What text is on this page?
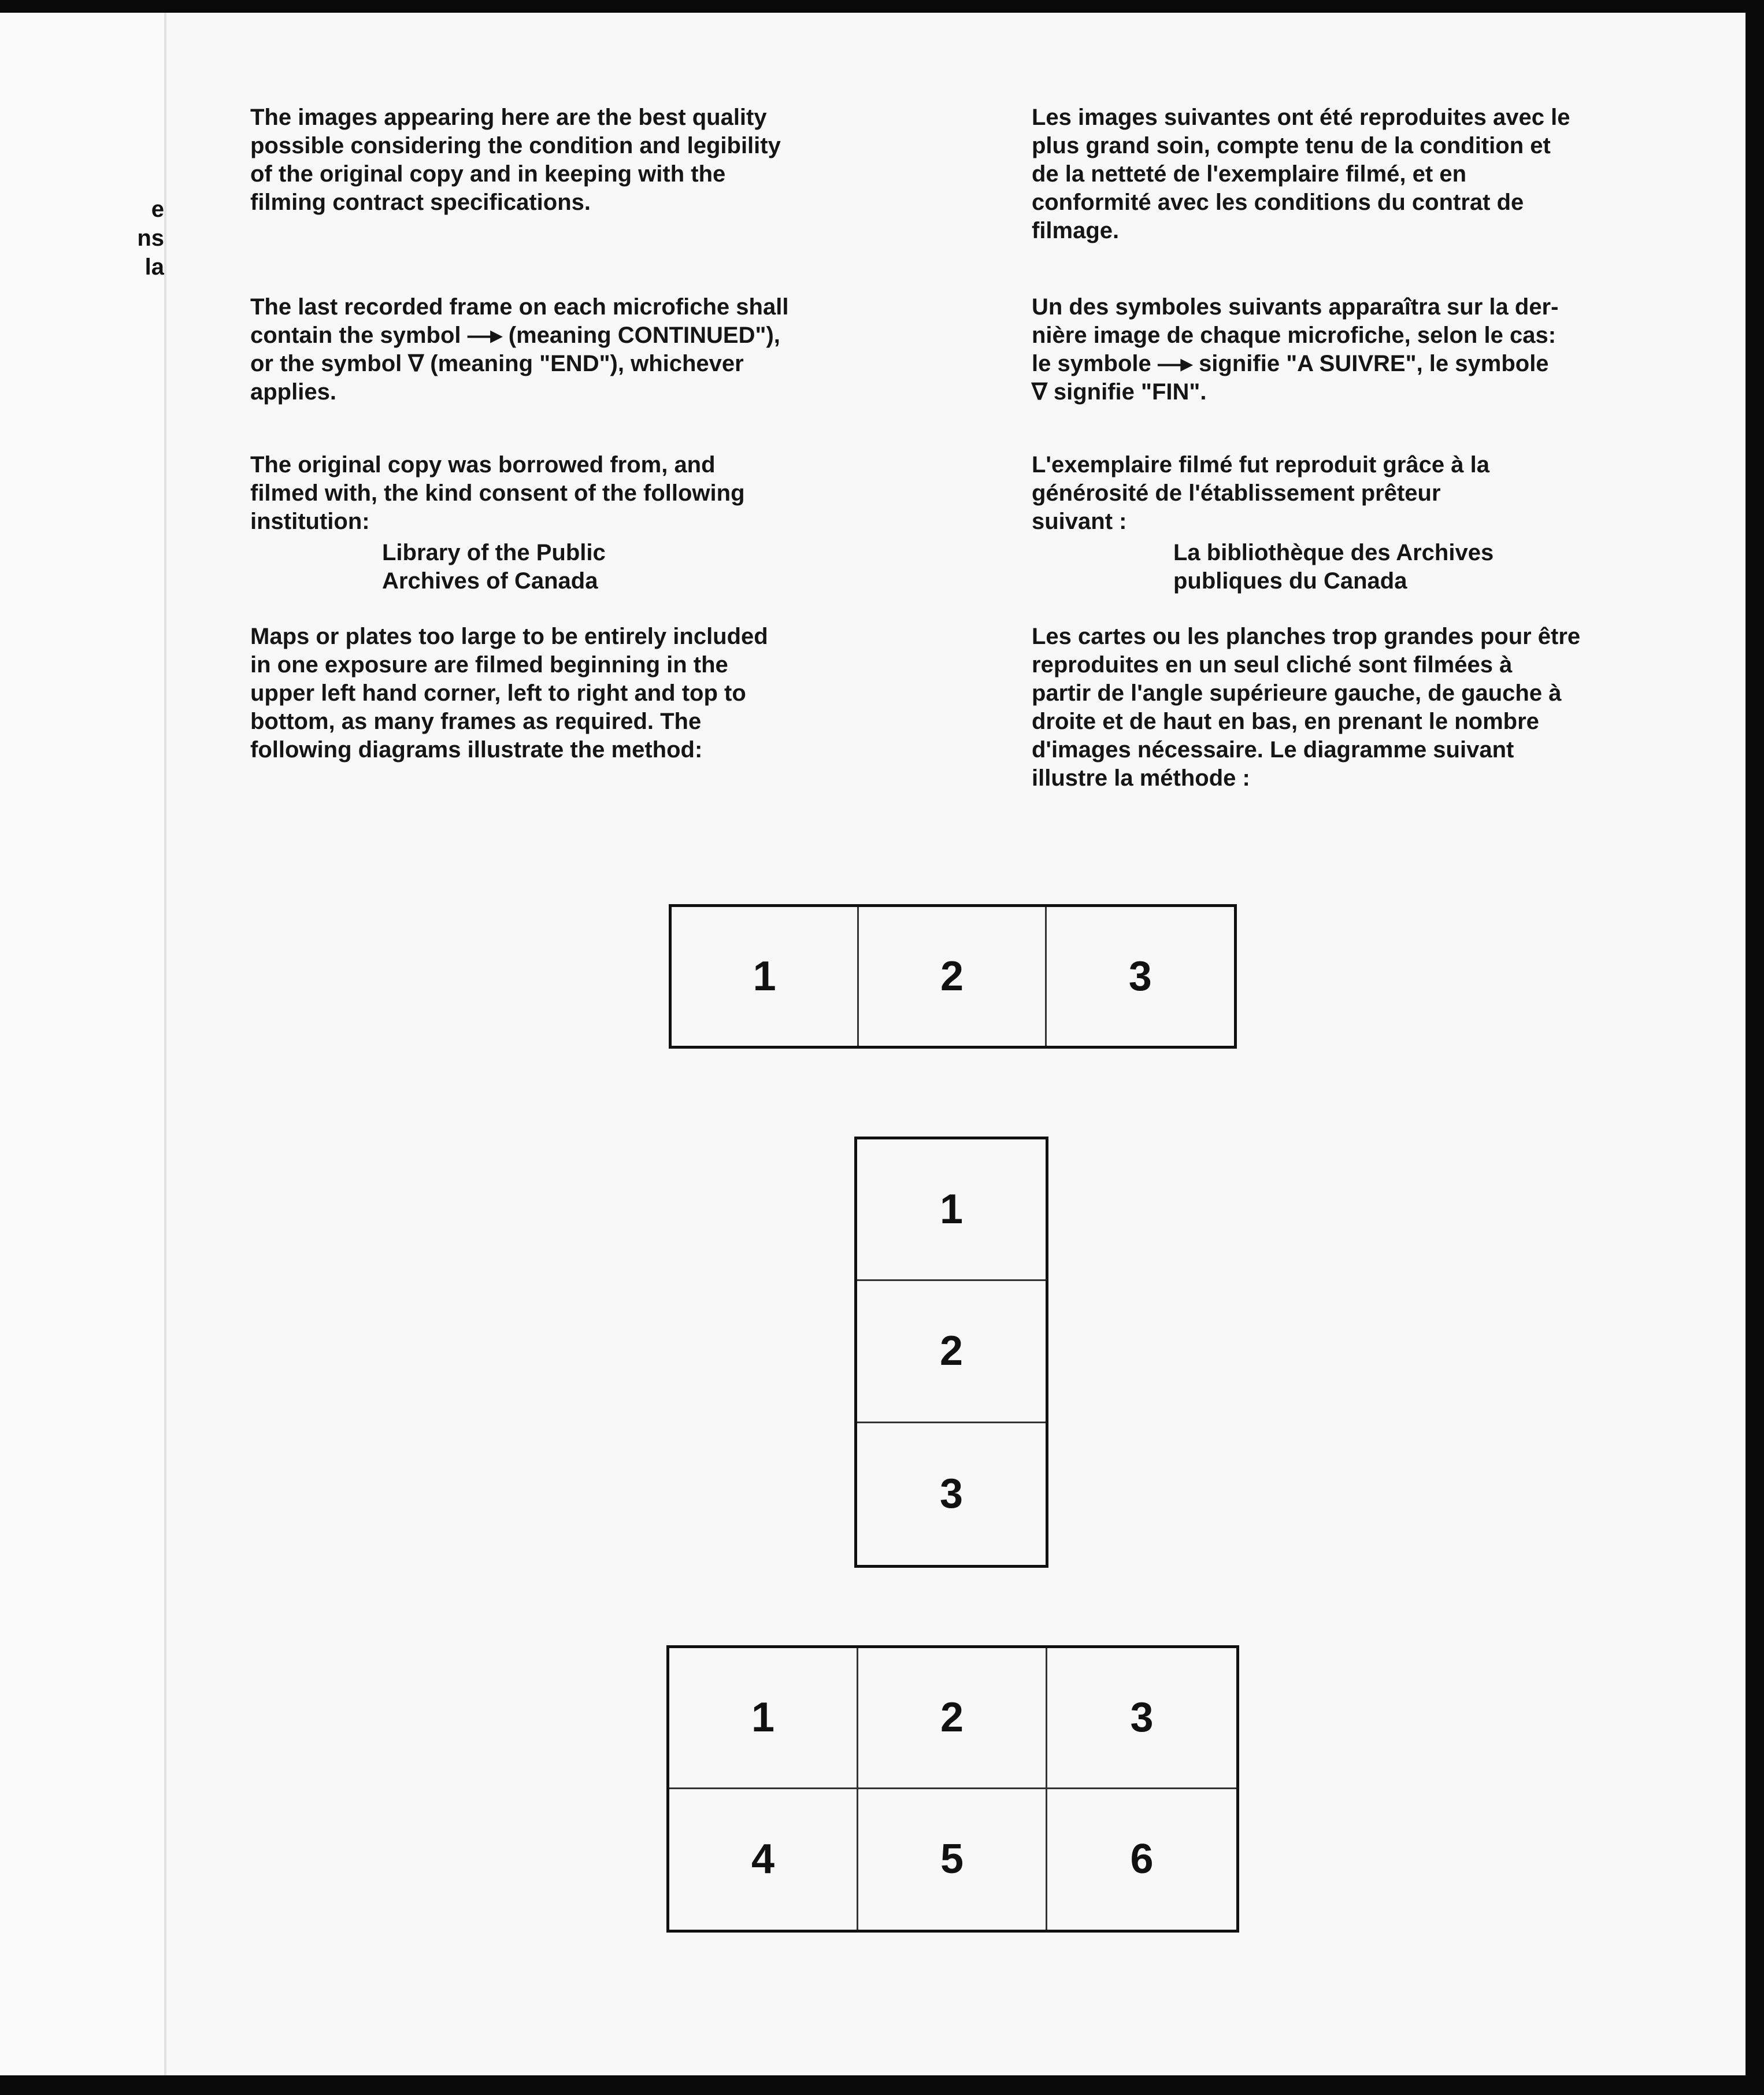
e
ns
la

The images appearing here are the best quality
possible considering the condition and legibility
of the original copy and in keeping with the
filming contract specifications.

The last recorded frame on each microfiche shall
contain the symbol —▸ (meaning CONTINUED"),
or the symbol ∇ (meaning "END"), whichever
applies.

The original copy was borrowed from, and
filmed with, the kind consent of the following
institution:

Library of the Public
Archives of Canada

Maps or plates too large to be entirely included
in one exposure are filmed beginning in the
upper left hand corner, left to right and top to
bottom, as many frames as required. The
following diagrams illustrate the method:

Les images suivantes ont été reproduites avec le
plus grand soin, compte tenu de la condition et
de la netteté de l'exemplaire filmé, et en
conformité avec les conditions du contrat de
filmage.

Un des symboles suivants apparaîtra sur la der-
nière image de chaque microfiche, selon le cas:
le symbole —▸ signifie "A SUIVRE", le symbole
∇ signifie "FIN".

L'exemplaire filmé fut reproduit grâce à la
générosité de l'établissement prêteur
suivant :

La bibliothèque des Archives
publiques du Canada

Les cartes ou les planches trop grandes pour être
reproduites en un seul cliché sont filmées à
partir de l'angle supérieure gauche, de gauche à
droite et de haut en bas, en prenant le nombre
d'images nécessaire. Le diagramme suivant
illustre la méthode :

1	2	3
1
2
3
1	2	3
4	5	6
